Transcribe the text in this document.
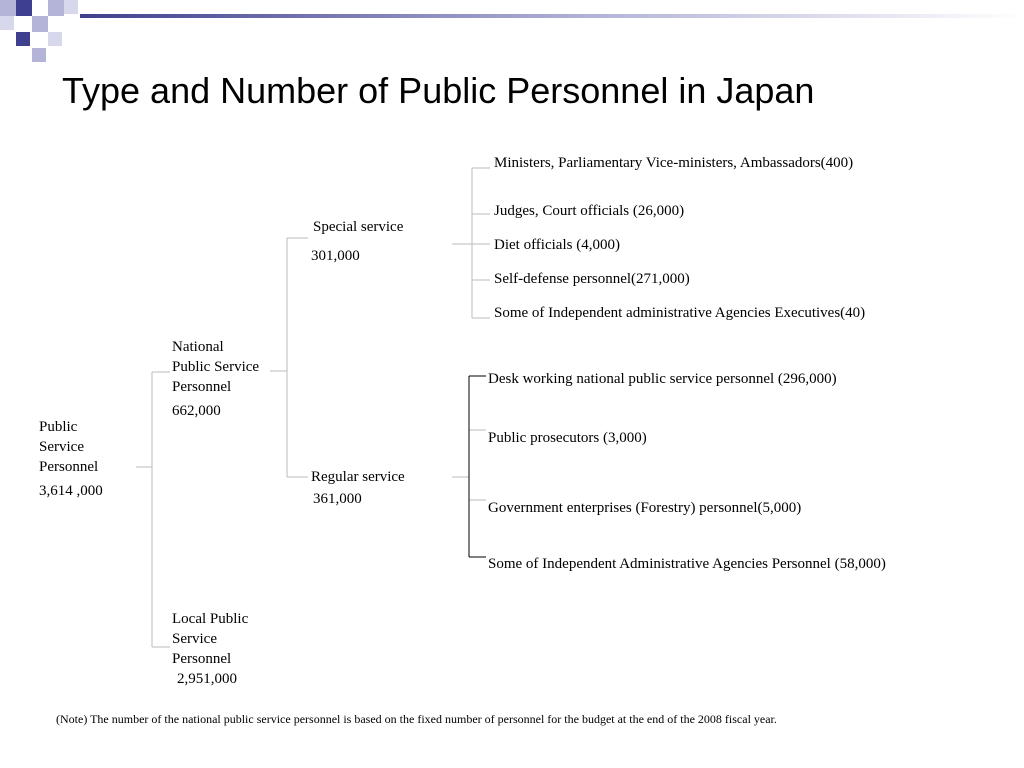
Type and Number of Public Personnel in Japan
Public
Service
Personnel
3,614 ,000
National
Public Service
Personnel
662,000
Local Public
Service
Personnel
2,951,000
Special service
301,000
Regular service
361,000
Ministers, Parliamentary Vice-ministers, Ambassadors(400)
Judges, Court officials (26,000)
Diet officials (4,000)
Self-defense personnel(271,000)
Some of Independent administrative Agencies Executives(40)
Desk working national public service personnel (296,000)
Public prosecutors (3,000)
Government enterprises (Forestry) personnel(5,000)
Some of Independent Administrative Agencies Personnel (58,000)
(Note) The number of the national public service personnel is based on the fixed number of personnel for the budget at the end of the 2008 fiscal year.
